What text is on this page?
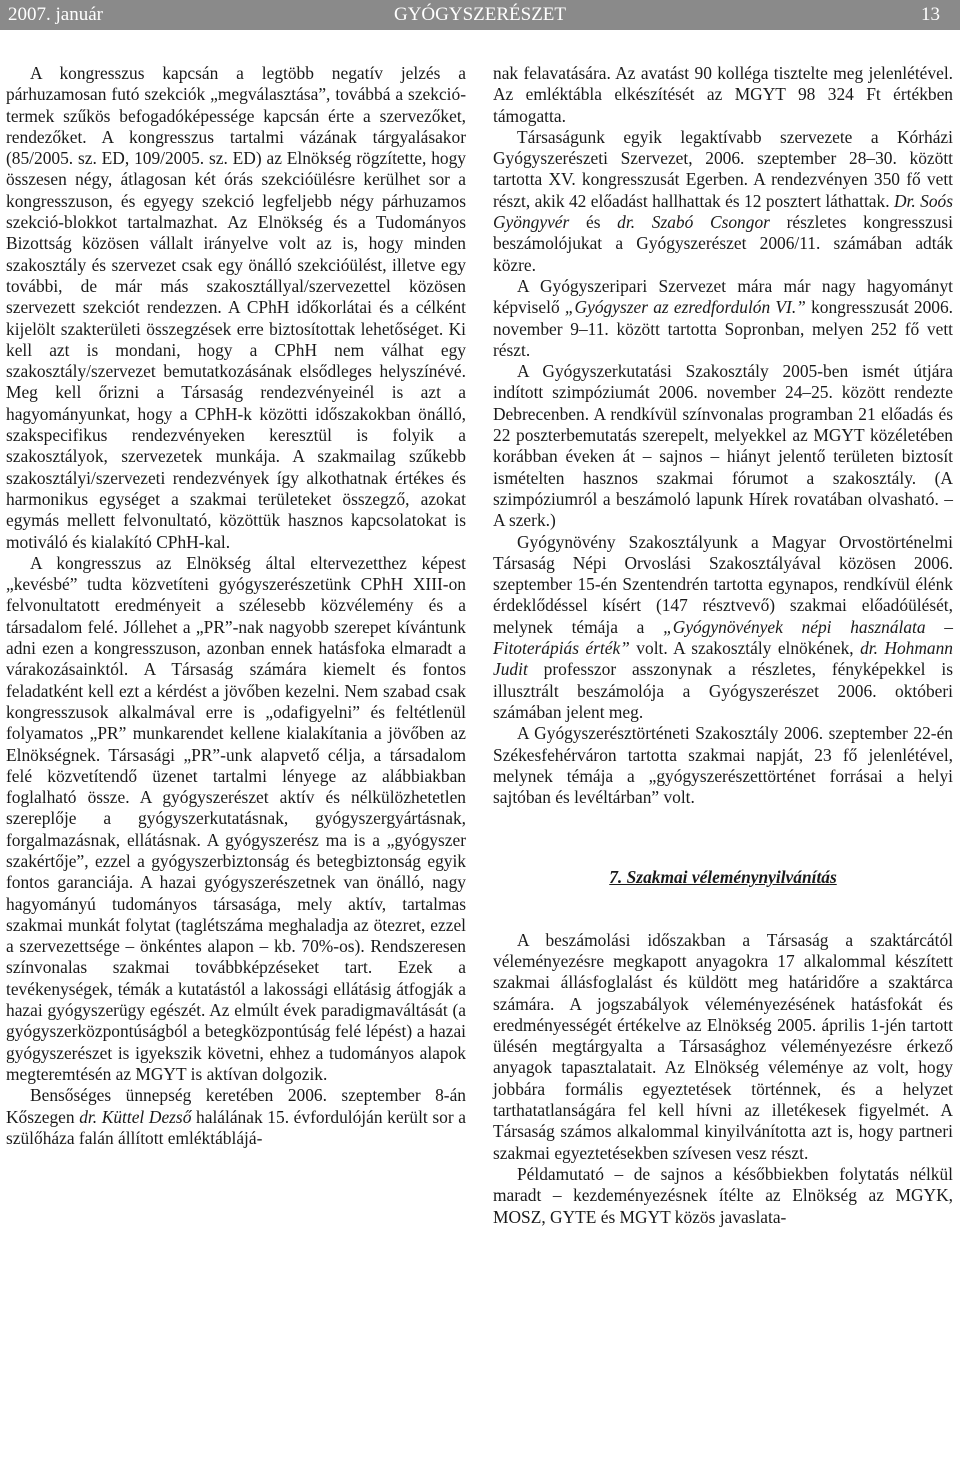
2007. január	GYÓGYSZERÉSZET	13

A kongresszus kapcsán a legtöbb negatív jelzés a párhuzamosan futó szekciók „megválasztása”, továbbá a szekció-termek szűkös befogadóképessége kapcsán érte a szervezőket, rendezőket. A kongresszus tartalmi vázának tárgyalásakor (85/2005. sz. ED, 109/2005. sz. ED) az Elnökség rögzítette, hogy összesen négy, átlagosan két órás szekcióülésre kerülhet sor a kongresszuson, és egyegy szekció legfeljebb négy párhuzamos szekció-blokkot tartalmazhat. Az Elnökség és a Tudományos Bizottság közösen vállalt irányelve volt az is, hogy minden szakosztály és szervezet csak egy önálló szekcióülést, illetve egy további, de már más szakosztállyal/szervezettel közösen szervezett szekciót rendezzen. A CPhH időkorlátai és a célként kijelölt szakterületi összegzések erre biztosítottak lehetőséget. Ki kell azt is mondani, hogy a CPhH nem válhat egy szakosztály/szervezet bemutatkozásának elsődleges helyszínévé. Meg kell őrizni a Társaság rendezvényeinél is azt a hagyományunkat, hogy a CPhH-k közötti időszakokban önálló, szakspecifikus rendezvényeken keresztül is folyik a szakosztályok, szervezetek munkája. A szakmailag szűkebb szakosztályi/szervezeti rendezvények így alkothatnak értékes és harmonikus egységet a szakmai területeket összegző, azokat egymás mellett felvonultató, közöttük hasznos kapcsolatokat is motiváló és kialakító CPhH-kal.

A kongresszus az Elnökség által eltervezetthez képest „kevésbé” tudta közvetíteni gyógyszerészetünk CPhH XIII-on felvonultatott eredményeit a szélesebb közvélemény és a társadalom felé. Jóllehet a „PR”-nak nagyobb szerepet kívántunk adni ezen a kongresszuson, azonban ennek hatásfoka elmaradt a várakozásainktól. A Társaság számára kiemelt és fontos feladatként kell ezt a kérdést a jövőben kezelni. Nem szabad csak kongresszusok alkalmával erre is „odafigyelni” és feltétlenül folyamatos „PR” munkarendet kellene kialakítania a jövőben az Elnökségnek. Társasági „PR”-unk alapvető célja, a társadalom felé közvetítendő üzenet tartalmi lényege az alábbiakban foglalható össze. A gyógyszerészet aktív és nélkülözhetetlen szereplője a gyógyszerkutatásnak, gyógyszergyártásnak, forgalmazásnak, ellátásnak. A gyógyszerész ma is a „gyógyszer szakértője”, ezzel a gyógyszerbiztonság és betegbiztonság egyik fontos garanciája. A hazai gyógyszerészetnek van önálló, nagy hagyományú tudományos társasága, mely aktív, tartalmas szakmai munkát folytat (taglétszáma meghaladja az ötezret, ezzel a szervezettsége – önkéntes alapon – kb. 70%-os). Rendszeresen színvonalas szakmai továbbképzéseket tart. Ezek a tevékenységek, témák a kutatástól a lakossági ellátásig átfogják a hazai gyógyszerügy egészét. Az elmúlt évek paradigmaváltását (a gyógyszerközpontúságból a betegközpontúság felé lépést) a hazai gyógyszerészet is igyekszik követni, ehhez a tudományos alapok megteremtésén az MGYT is aktívan dolgozik.

Bensőséges ünnepség keretében 2006. szeptember 8-án Kőszegen dr. Küttel Dezső halálának 15. évfordulóján került sor a szülőháza falán állított emléktáblájá-

nak felavatására. Az avatást 90 kolléga tisztelte meg jelenlétével. Az emléktábla elkészítését az MGYT 98 324 Ft értékben támogatta.

Társaságunk egyik legaktívabb szervezete a Kórházi Gyógyszerészeti Szervezet, 2006. szeptember 28–30. között tartotta XV. kongresszusát Egerben. A rendezvényen 350 fő vett részt, akik 42 előadást hallhattak és 12 posztert láthattak. Dr. Soós Gyöngyvér és dr. Szabó Csongor részletes kongresszusi beszámolójukat a Gyógyszerészet 2006/11. számában adták közre.

A Gyógyszeripari Szervezet mára már nagy hagyományt képviselő „Gyógyszer az ezredfordulón VI.” kongresszusát 2006. november 9–11. között tartotta Sopronban, melyen 252 fő vett részt.

A Gyógyszerkutatási Szakosztály 2005-ben ismét útjára indított szimpóziumát 2006. november 24–25. között rendezte Debrecenben. A rendkívül színvonalas programban 21 előadás és 22 poszterbemutatás szerepelt, melyekkel az MGYT közéletében korábban éveken át – sajnos – hiányt jelentő területen biztosít ismételten hasznos szakmai fórumot a szakosztály. (A szimpóziumról a beszámoló lapunk Hírek rovatában olvasható. – A szerk.)

Gyógynövény Szakosztályunk a Magyar Orvostörténelmi Társaság Népi Orvoslási Szakosztályával közösen 2006. szeptember 15-én Szentendrén tartotta egynapos, rendkívül élénk érdeklődéssel kísért (147 résztvevő) szakmai előadóülését, melynek témája a „Gyógynövények népi használata – Fitoterápiás érték” volt. A szakosztály elnökének, dr. Hohmann Judit professzor asszonynak a részletes, fényképekkel is illusztrált beszámolója a Gyógyszerészet 2006. októberi számában jelent meg.

A Gyógyszerésztörténeti Szakosztály 2006. szeptember 22-én Székesfehérváron tartotta szakmai napját, 23 fő jelenlétével, melynek témája a „gyógyszerészettörténet forrásai a helyi sajtóban és levéltárban” volt.

7. Szakmai véleménynyilvánítás

A beszámolási időszakban a Társaság a szaktárcától véleményezésre megkapott anyagokra 17 alkalommal készített szakmai állásfoglalást és küldött meg határidőre a szaktárca számára. A jogszabályok véleményezésének hatásfokát és eredményességét értékelve az Elnökség 2005. április 1-jén tartott ülésén megtárgyalta a Társasághoz véleményezésre érkező anyagok tapasztalatait. Az Elnökség véleménye az volt, hogy jobbára formális egyeztetések történnek, és a helyzet tarthatatlanságára fel kell hívni az illetékesek figyelmét. A Társaság számos alkalommal kinyilvánította azt is, hogy partneri szakmai egyeztetésekben szívesen vesz részt.

Példamutató – de sajnos a későbbiekben folytatás nélkül maradt – kezdeményezésnek ítélte az Elnökség az MGYK, MOSZ, GYTE és MGYT közös javaslata-
